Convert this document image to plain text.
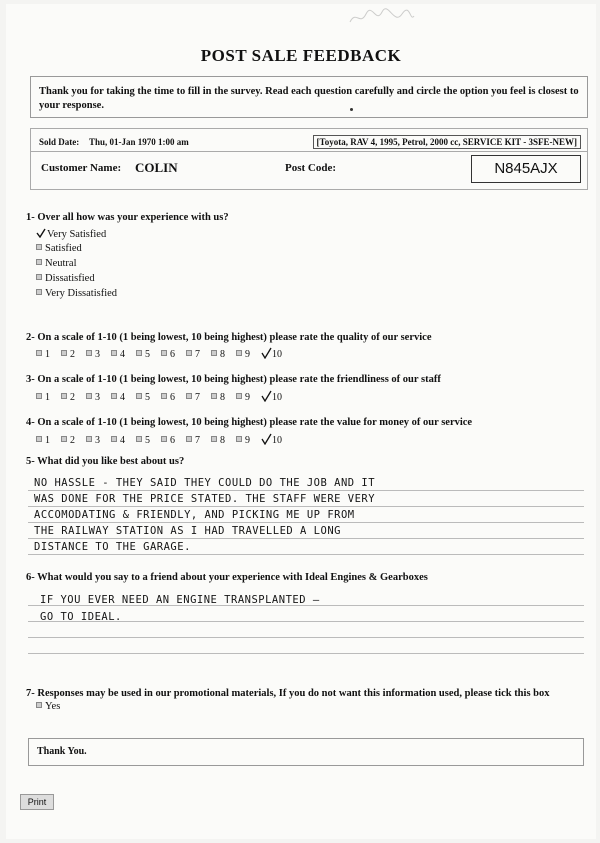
POST SALE FEEDBACK
Thank you for taking the time to fill in the survey. Read each question carefully and circle the option you feel is closest to your response.
Sold Date: Thu, 01-Jan 1970 1:00 am	[Toyota, RAV 4, 1995, Petrol, 2000 cc, SERVICE KIT - 3SFE-NEW]
Customer Name: COLIN	Post Code:	N845AJX
1- Over all how was your experience with us?
Very Satisfied
Satisfied
Neutral
Dissatisfied
Very Dissatisfied
2- On a scale of 1-10 (1 being lowest, 10 being highest) please rate the quality of our service
1 2 3 4 5 6 7 8 9 10
3- On a scale of 1-10 (1 being lowest, 10 being highest) please rate the friendliness of our staff
1 2 3 4 5 6 7 8 9 10
4- On a scale of 1-10 (1 being lowest, 10 being highest) please rate the value for money of our service
1 2 3 4 5 6 7 8 9 10
5- What did you like best about us?
NO HASSLE - THEY SAID THEY COULD DO THE JOB AND IT
WAS DONE FOR THE PRICE STATED. THE STAFF WERE VERY
ACCOMODATING & FRIENDLY, AND PICKING ME UP FROM
THE RAILWAY STATION AS I HAD TRAVELLED A LONG
DISTANCE TO THE GARAGE.
6- What would you say to a friend about your experience with Ideal Engines & Gearboxes
IF YOU EVER NEED AN ENGINE TRANSPLANTED —
GO TO IDEAL.
7- Responses may be used in our promotional materials, If you do not want this information used, please tick this box
Yes
Thank You.
Print
